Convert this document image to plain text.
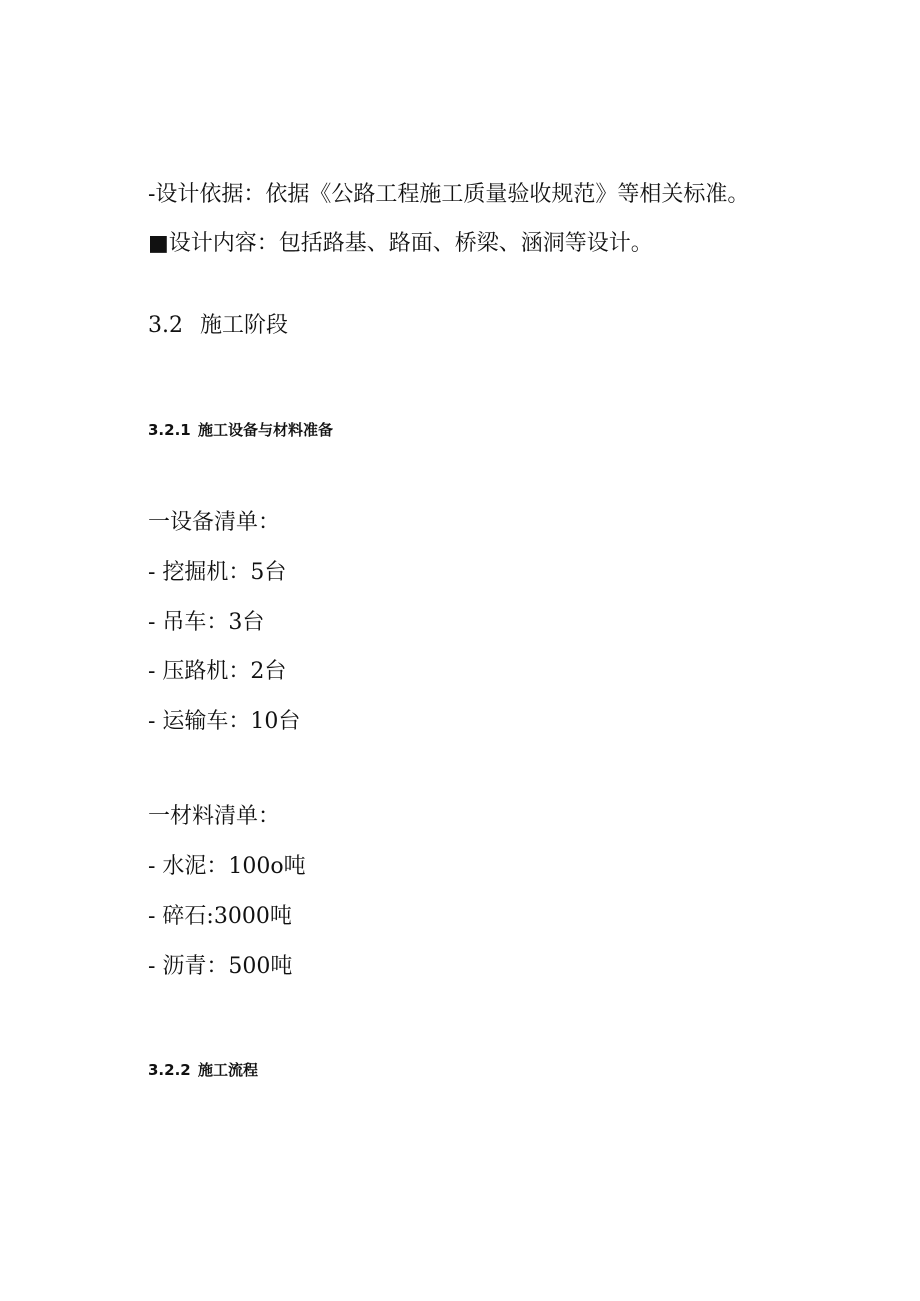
-设计依据：依据《公路工程施工质量验收规范》等相关标准。
■设计内容：包括路基、路面、桥梁、涵洞等设计。
3.2 施工阶段
3.2.1 施工设备与材料准备
一设备清单：
- 挖掘机：5台
- 吊车：3台
- 压路机：2台
- 运输车：10台
一材料清单：
- 水泥：100o吨
- 碎石:3000吨
- 沥青：500吨
3.2.2 施工流程
